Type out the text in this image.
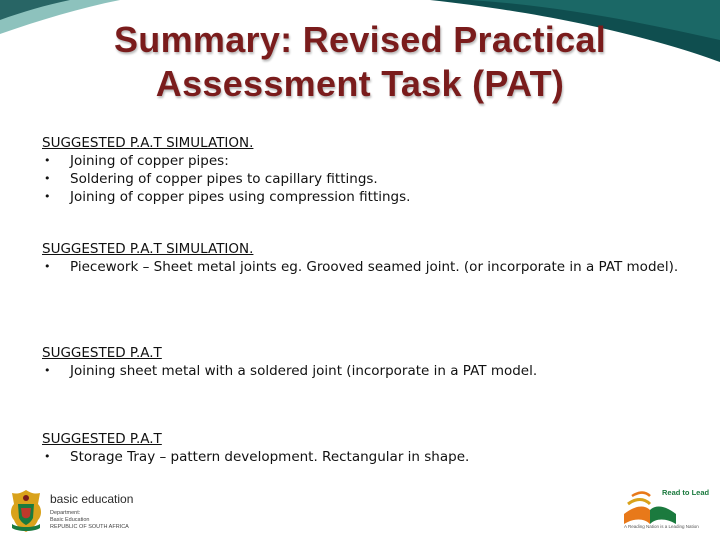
Summary: Revised Practical
Assessment Task (PAT)
SUGGESTED P.A.T SIMULATION.
•	Joining of copper pipes:
•	Soldering of copper pipes to capillary fittings.
•	Joining of copper pipes using compression fittings.
SUGGESTED P.A.T SIMULATION.
•	Piecework – Sheet metal joints eg. Grooved seamed joint. (or incorporate in a PAT model).
SUGGESTED P.A.T
•	Joining sheet metal with a soldered joint (incorporate in a PAT model.
SUGGESTED P.A.T
•	Storage Tray – pattern development. Rectangular in shape.
basic education
Department:
Basic Education
REPUBLIC OF SOUTH AFRICA
Read to Lead
A Reading Nation is a Leading Nation
